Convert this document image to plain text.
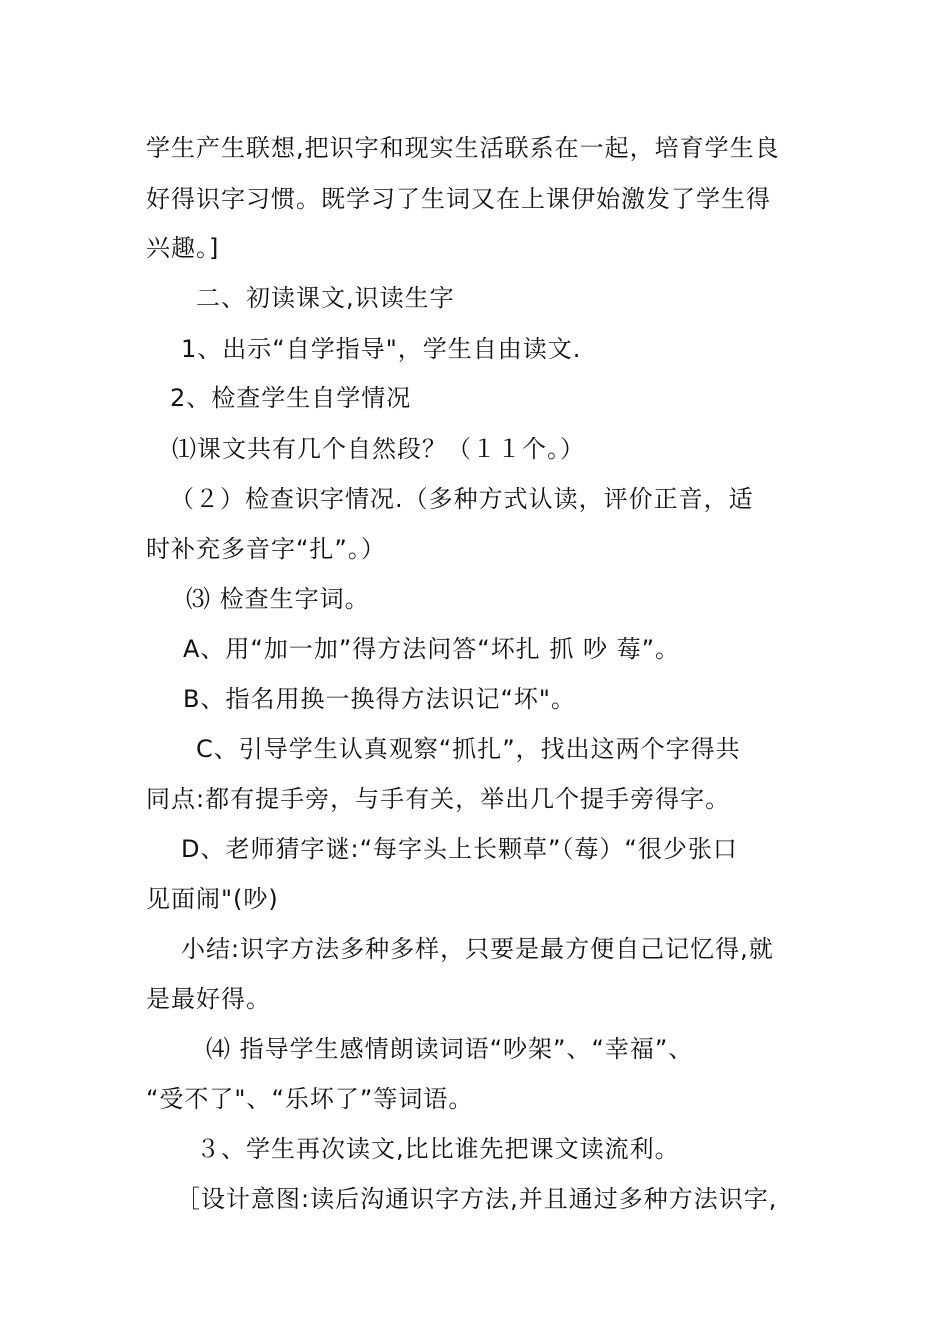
学生产生联想,把识字和现实生活联系在一起，培育学生良
好得识字习惯。既学习了生词又在上课伊始激发了学生得
兴趣。]
二、初读课文,识读生字
1、出示“自学指导"，学生自由读文.
2、检查学生自学情况
⑴课文共有几个自然段？（１１个。）
（２）检查识字情况.（多种方式认读，评价正音，适
时补充多音字“扎”。）
⑶ 检查生字词。
A、用“加一加”得方法问答“坏扎 抓 吵 莓”。
B、指名用换一换得方法识记“坏"。
C、引导学生认真观察“抓扎”，找出这两个字得共
同点:都有提手旁，与手有关，举出几个提手旁得字。
D、老师猜字谜:“每字头上长颗草”（莓）“很少张口
见面闹"(吵)
小结:识字方法多种多样，只要是最方便自己记忆得,就
是最好得。
⑷ 指导学生感情朗读词语“吵架”、“幸福”、
“受不了"、“乐坏了”等词语。
３、学生再次读文,比比谁先把课文读流利。
［设计意图:读后沟通识字方法,并且通过多种方法识字,
